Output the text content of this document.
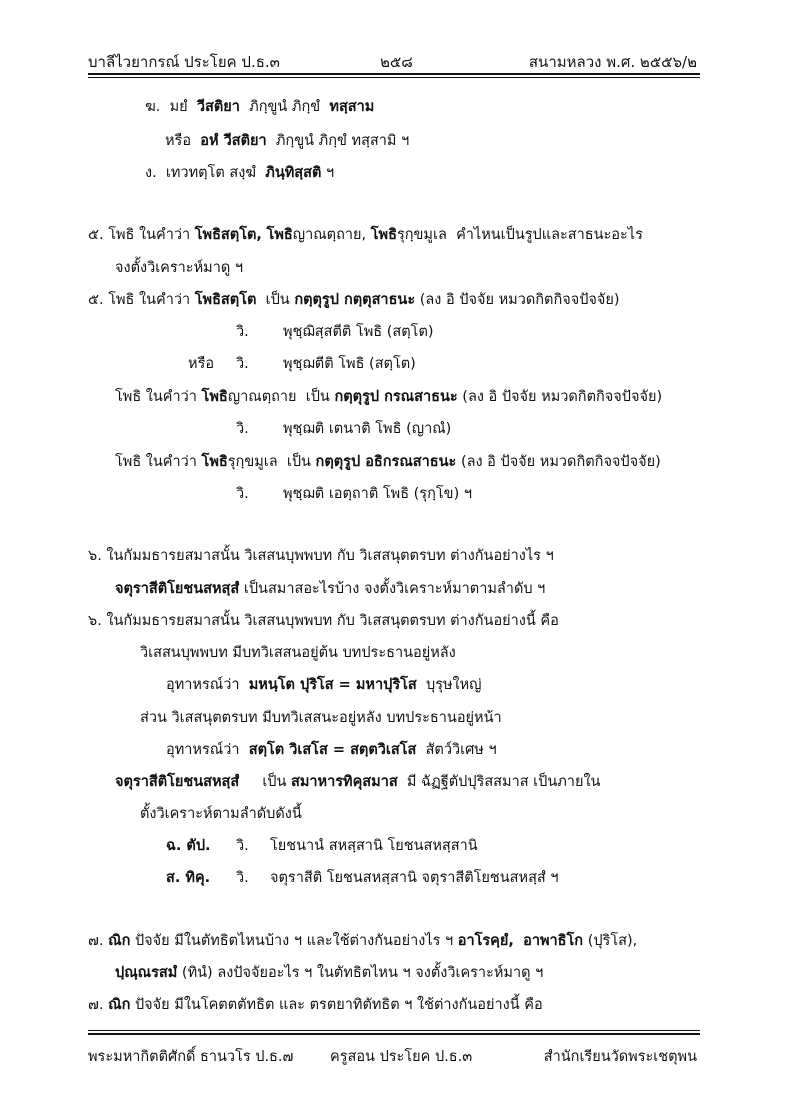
บาลีไวยากรณ์ ประโยค ป.ธ.๓	๒๕๘	สนามหลวง พ.ศ. ๒๕๕๖/๒
ฆ. มยํ วีสติยา ภิกฺขูนํ ภิกฺขํ ทสฺสาม
หรือ อหํ วีสติยา ภิกฺขูนํ ภิกฺขํ ทสฺสามิ ฯ
ง. เทวทตฺโต สงฺฆํ ภินฺทิสฺสติ ฯ
๕. โพธิ ในคำว่า โพธิสตฺโต, โพธิญาณตฺถาย, โพธิรุกฺขมูเล คำไหนเป็นรูปและสาธนะอะไร
จงตั้งวิเคราะห์มาดู ฯ
๕. โพธิ ในคำว่า โพธิสตฺโต เป็น กตฺตุรูป กตฺตุสาธนะ (ลง อิ ปัจจัย หมวดกิตกิจจปัจจัย)
วิ. พุชฺฌิสฺสตีติ โพธิ (สตฺโต)
หรือ วิ. พุชฺฌตีติ โพธิ (สตฺโต)
โพธิ ในคำว่า โพธิญาณตฺถาย เป็น กตฺตุรูป กรณสาธนะ (ลง อิ ปัจจัย หมวดกิตกิจจปัจจัย)
วิ. พุชฺฌติ เตนาติ โพธิ (ญาณํ)
โพธิ ในคำว่า โพธิรุกฺขมูเล เป็น กตฺตุรูป อธิกรณสาธนะ (ลง อิ ปัจจัย หมวดกิตกิจจปัจจัย)
วิ. พุชฺฌติ เอตฺถาติ โพธิ (รุกฺโข) ฯ
๖. ในกัมมธารยสมาสนั้น วิเสสนบุพพบท กับ วิเสสนุตตรบท ต่างกันอย่างไร ฯ
จตุราสีติโยชนสหสฺสํ เป็นสมาสอะไรบ้าง จงตั้งวิเคราะห์มาตามลำดับ ฯ
๖. ในกัมมธารยสมาสนั้น วิเสสนบุพพบท กับ วิเสสนุตตรบท ต่างกันอย่างนี้ คือ
วิเสสนบุพพบท มีบทวิเสสนอยู่ต้น บทประธานอยู่หลัง
อุทาหรณ์ว่า มหนฺโต ปุริโส = มหาปุริโส บุรุษใหญ่
ส่วน วิเสสนุตตรบท มีบทวิเสสนะอยู่หลัง บทประธานอยู่หน้า
อุทาหรณ์ว่า สตฺโต วิเสโส = สตฺตวิเสโส สัตว์วิเศษ ฯ
จตุราสีติโยชนสหสฺสํ เป็น สมาหารทิคุสมาส มี ฉัฏฐีตัปปุริสสมาส เป็นภายใน
ตั้งวิเคราะห์ตามลำดับดังนี้
ฉ. ตัป. วิ. โยชนานํ สหสฺสานิ โยชนสหสฺสานิ
ส. ทิคุ. วิ. จตุราสีติ โยชนสหสฺสานิ จตุราสีติโยชนสหสฺสํ ฯ
๗. ณิก ปัจจัย มีในตัทธิตไหนบ้าง ฯ และใช้ต่างกันอย่างไร ฯ อาโรคฺยํ, อาพาธิโก (ปุริโส),
ปฺณฺณรสมํ (ทินํ) ลงปัจจัยอะไร ฯ ในตัทธิตไหน ฯ จงตั้งวิเคราะห์มาดู ฯ
๗. ณิก ปัจจัย มีในโคตตตัทธิต และ ตรตยาทิตัทธิต ฯ ใช้ต่างกันอย่างนี้ คือ
พระมหากิตติศักดิ์ ธานวโร ป.ธ.๗	ครูสอน ประโยค ป.ธ.๓	สำนักเรียนวัดพระเชตุพน
